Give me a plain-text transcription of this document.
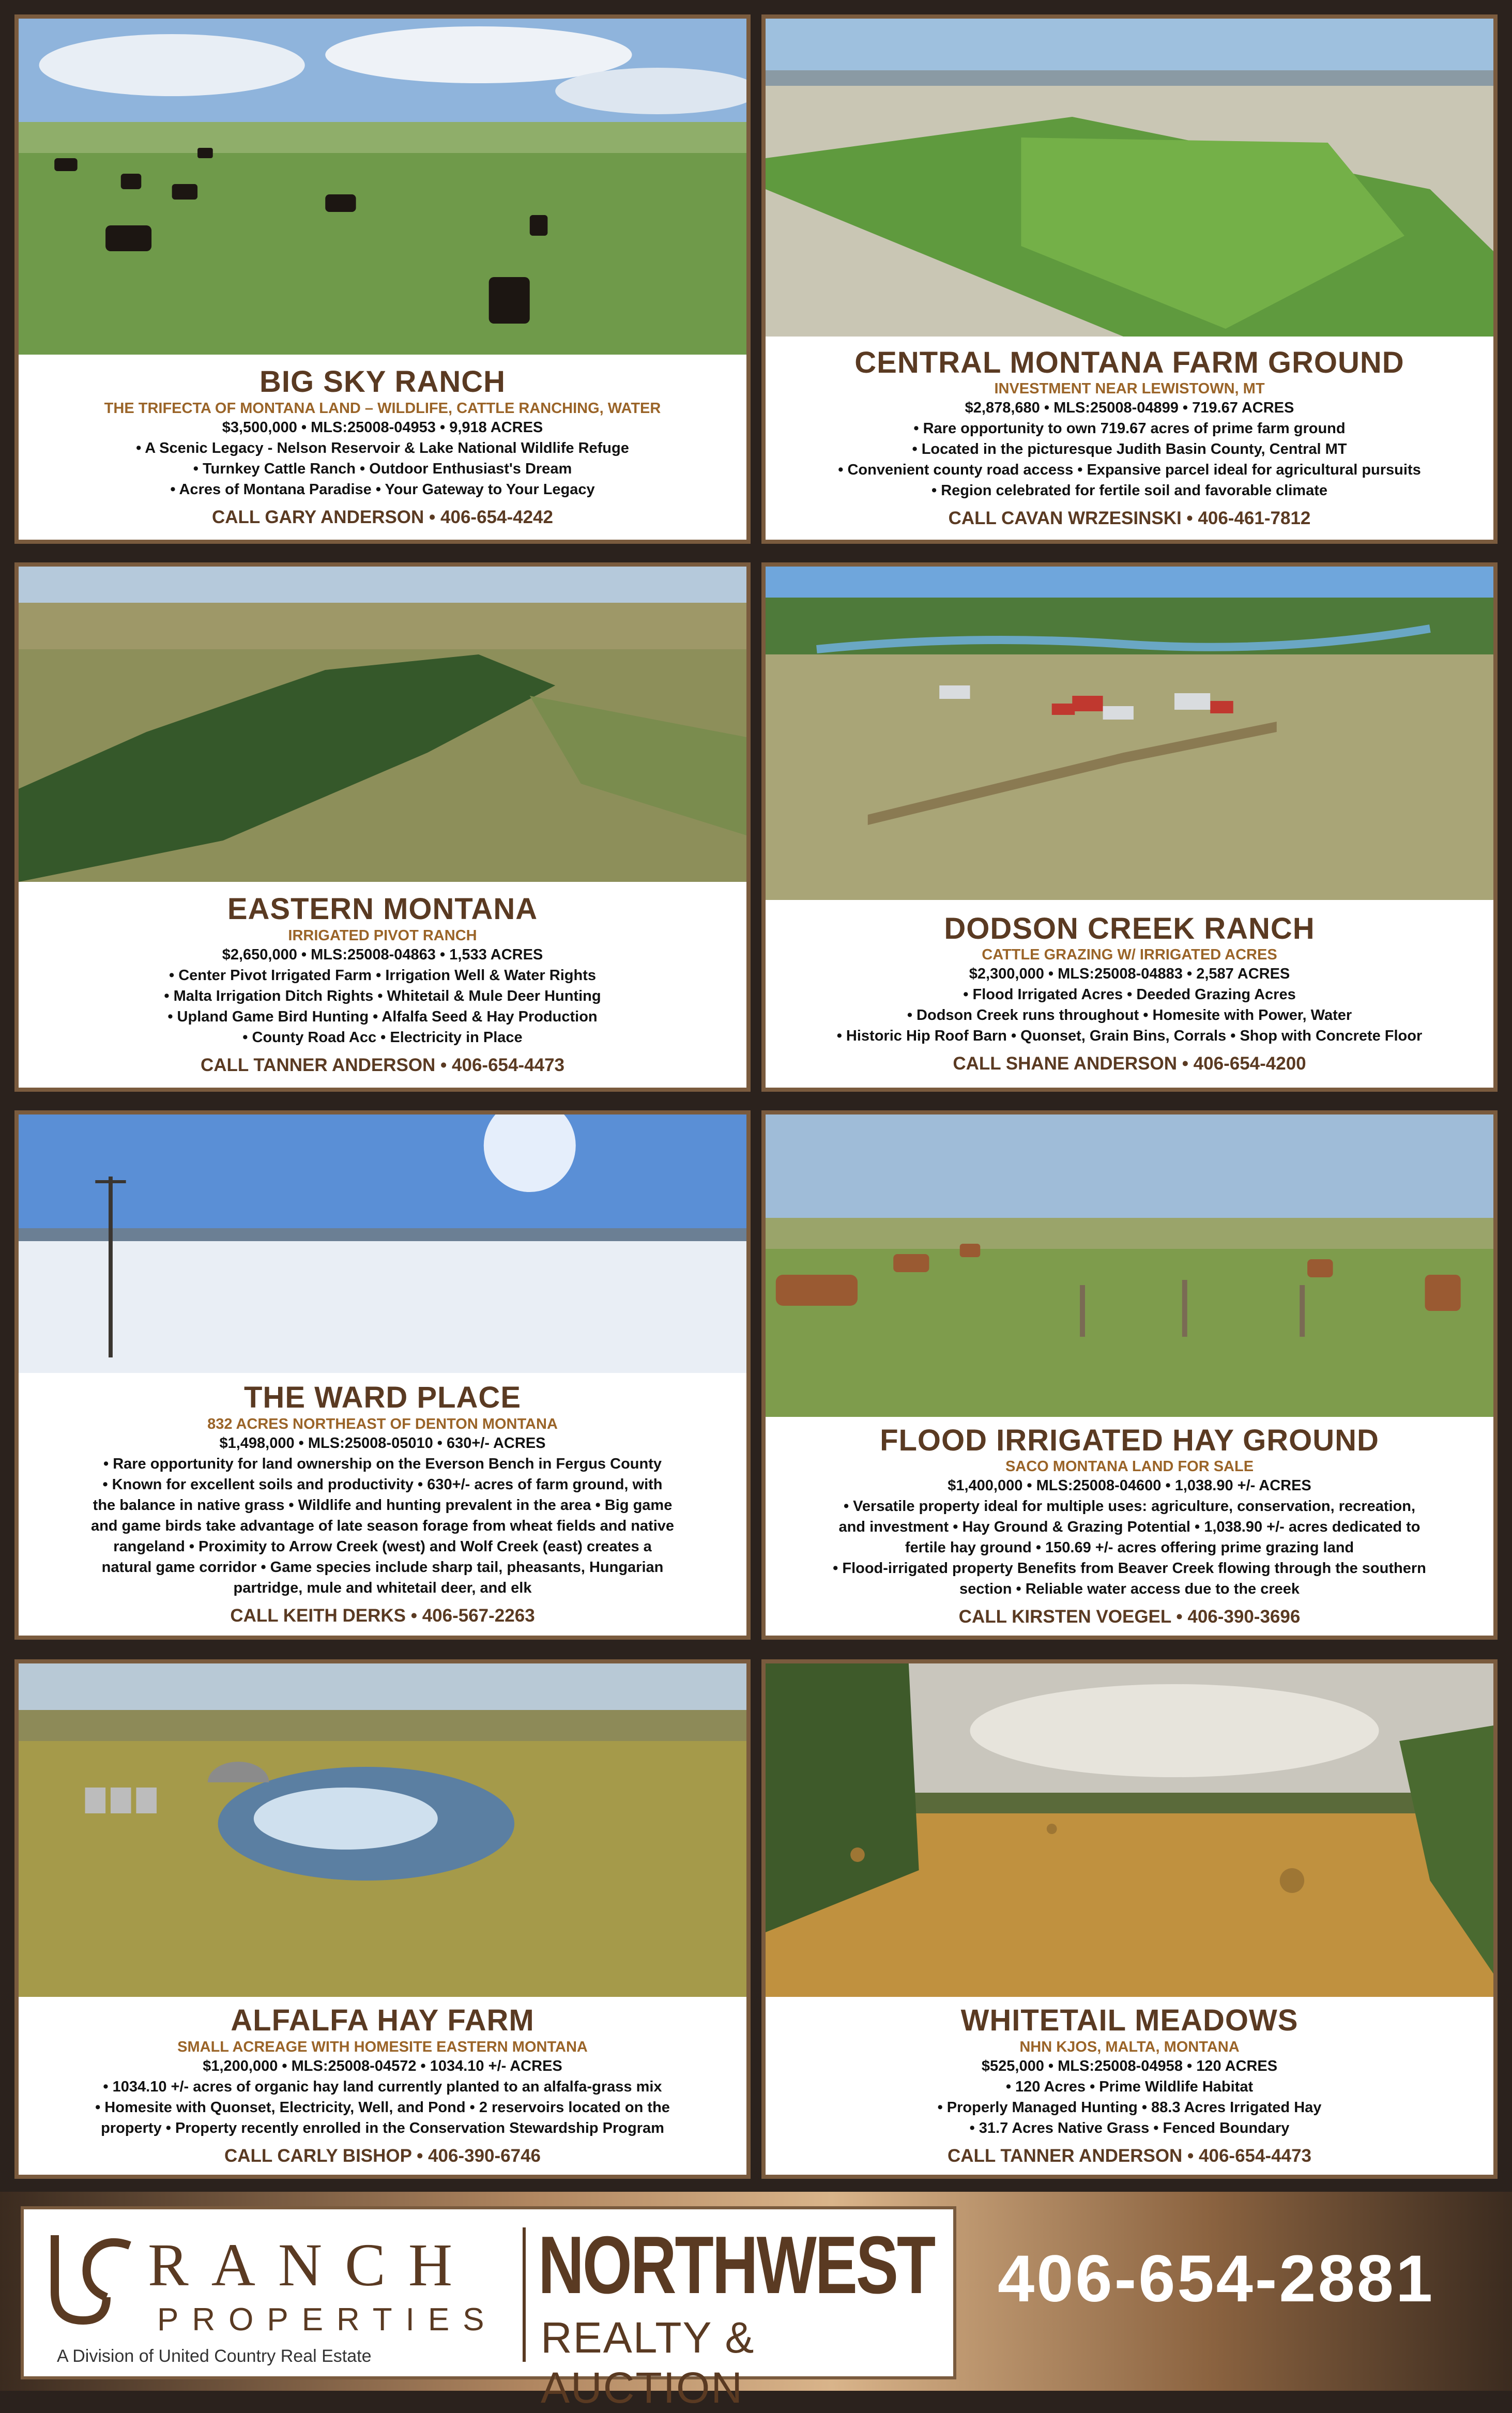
BIG SKY RANCH
THE TRIFECTA OF MONTANA LAND – WILDLIFE, CATTLE RANCHING, WATER
$3,500,000 • MLS:25008-04953 • 9,918 ACRES
• A Scenic Legacy - Nelson Reservoir & Lake National Wildlife Refuge
• Turnkey Cattle Ranch • Outdoor Enthusiast's Dream
• Acres of Montana Paradise • Your Gateway to Your Legacy
CALL GARY ANDERSON • 406-654-4242
CENTRAL MONTANA FARM GROUND
INVESTMENT NEAR LEWISTOWN, MT
$2,878,680 • MLS:25008-04899 • 719.67 ACRES
• Rare opportunity to own 719.67 acres of prime farm ground
• Located in the picturesque Judith Basin County, Central MT
• Convenient county road access • Expansive parcel ideal for agricultural pursuits
• Region celebrated for fertile soil and favorable climate
CALL CAVAN WRZESINSKI • 406-461-7812
EASTERN MONTANA
IRRIGATED PIVOT RANCH
$2,650,000 • MLS:25008-04863 • 1,533 ACRES
• Center Pivot Irrigated Farm • Irrigation Well & Water Rights
• Malta Irrigation Ditch Rights • Whitetail & Mule Deer Hunting
• Upland Game Bird Hunting • Alfalfa Seed & Hay Production
• County Road Acc • Electricity in Place
CALL TANNER ANDERSON • 406-654-4473
DODSON CREEK RANCH
CATTLE GRAZING W/ IRRIGATED ACRES
$2,300,000 • MLS:25008-04883 • 2,587 ACRES
• Flood Irrigated Acres • Deeded Grazing Acres
• Dodson Creek runs throughout • Homesite with Power, Water
• Historic Hip Roof Barn • Quonset, Grain Bins, Corrals • Shop with Concrete Floor
CALL SHANE ANDERSON • 406-654-4200
THE WARD PLACE
832 ACRES NORTHEAST OF DENTON MONTANA
$1,498,000 • MLS:25008-05010 • 630+/- ACRES
• Rare opportunity for land ownership on the Everson Bench in Fergus County
• Known for excellent soils and productivity • 630+/- acres of farm ground, with
the balance in native grass • Wildlife and hunting prevalent in the area • Big game
and game birds take advantage of late season forage from wheat fields and native
rangeland • Proximity to Arrow Creek (west) and Wolf Creek (east) creates a
natural game corridor • Game species include sharp tail, pheasants, Hungarian
partridge, mule and whitetail deer, and elk
CALL KEITH DERKS • 406-567-2263
FLOOD IRRIGATED HAY GROUND
SACO MONTANA LAND FOR SALE
$1,400,000 • MLS:25008-04600 • 1,038.90 +/- ACRES
• Versatile property ideal for multiple uses: agriculture, conservation, recreation,
and investment • Hay Ground & Grazing Potential • 1,038.90 +/- acres dedicated to
fertile hay ground • 150.69 +/- acres offering prime grazing land
• Flood-irrigated property Benefits from Beaver Creek flowing through the southern
section • Reliable water access due to the creek
CALL KIRSTEN VOEGEL • 406-390-3696
ALFALFA HAY FARM
SMALL ACREAGE WITH HOMESITE EASTERN MONTANA
$1,200,000 • MLS:25008-04572 • 1034.10 +/- ACRES
• 1034.10 +/- acres of organic hay land currently planted to an alfalfa-grass mix
• Homesite with Quonset, Electricity, Well, and Pond • 2 reservoirs located on the
property • Property recently enrolled in the Conservation Stewardship Program
CALL CARLY BISHOP • 406-390-6746
WHITETAIL MEADOWS
NHN KJOS, MALTA, MONTANA
$525,000 • MLS:25008-04958 • 120 ACRES
• 120 Acres • Prime Wildlife Habitat
• Properly Managed Hunting • 88.3 Acres Irrigated Hay
• 31.7 Acres Native Grass • Fenced Boundary
CALL TANNER ANDERSON • 406-654-4473
RANCH
PROPERTIES
A Division of United Country Real Estate
NORTHWEST
REALTY & AUCTION
406-654-2881
